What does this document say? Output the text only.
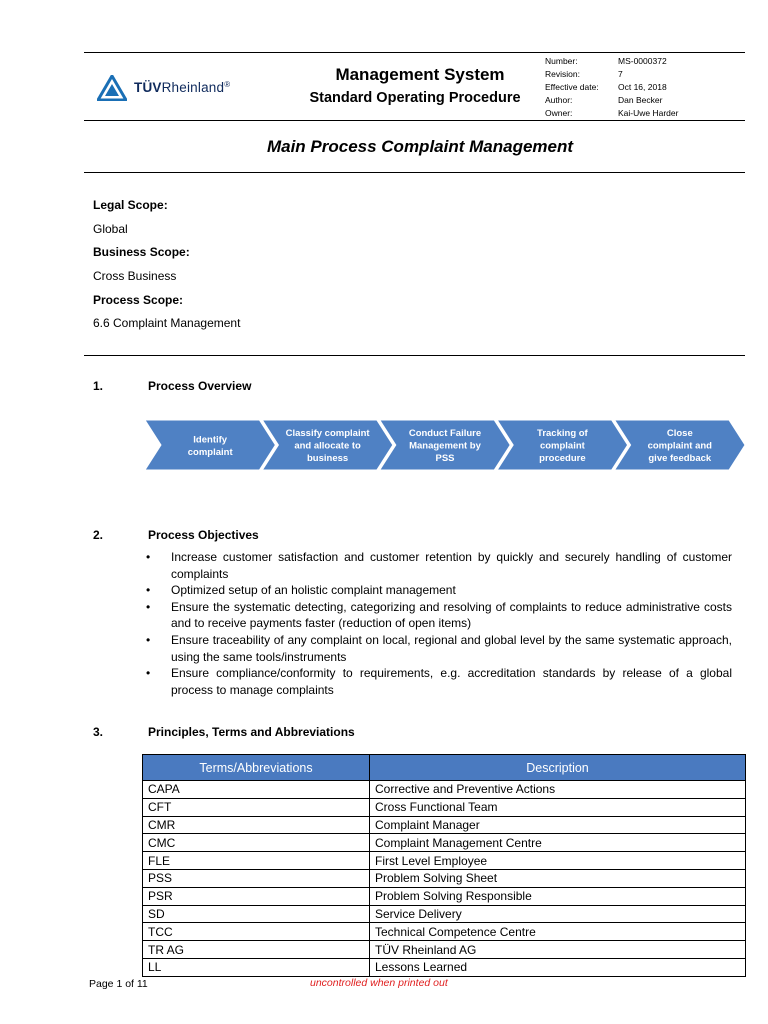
TÜVRheinland®
Management System
Standard Operating Procedure
Number:	MS-0000372
Revision:	7
Effective date:	Oct 16, 2018
Author:	Dan Becker
Owner:	Kai-Uwe Harder
Main Process Complaint Management
Legal Scope:
Global
Business Scope:
Cross Business
Process Scope:
6.6 Complaint Management
1.	Process Overview
Identify complaint
Classify complaint and allocate to business
Conduct Failure Management by PSS
Tracking of complaint procedure
Close complaint and give feedback
2.	Process Objectives
• Increase customer satisfaction and customer retention by quickly and securely handling of customer complaints
• Optimized setup of an holistic complaint management
• Ensure the systematic detecting, categorizing and resolving of complaints to reduce administrative costs and to receive payments faster (reduction of open items)
• Ensure traceability of any complaint on local, regional and global level by the same systematic approach, using the same tools/instruments
• Ensure compliance/conformity to requirements, e.g. accreditation standards by release of a global process to manage complaints
3.	Principles, Terms and Abbreviations
Terms/Abbreviations	Description
CAPA	Corrective and Preventive Actions
CFT	Cross Functional Team
CMR	Complaint Manager
CMC	Complaint Management Centre
FLE	First Level Employee
PSS	Problem Solving Sheet
PSR	Problem Solving Responsible
SD	Service Delivery
TCC	Technical Competence Centre
TR AG	TÜV Rheinland AG
LL	Lessons Learned
Page 1 of 11	uncontrolled when printed out
